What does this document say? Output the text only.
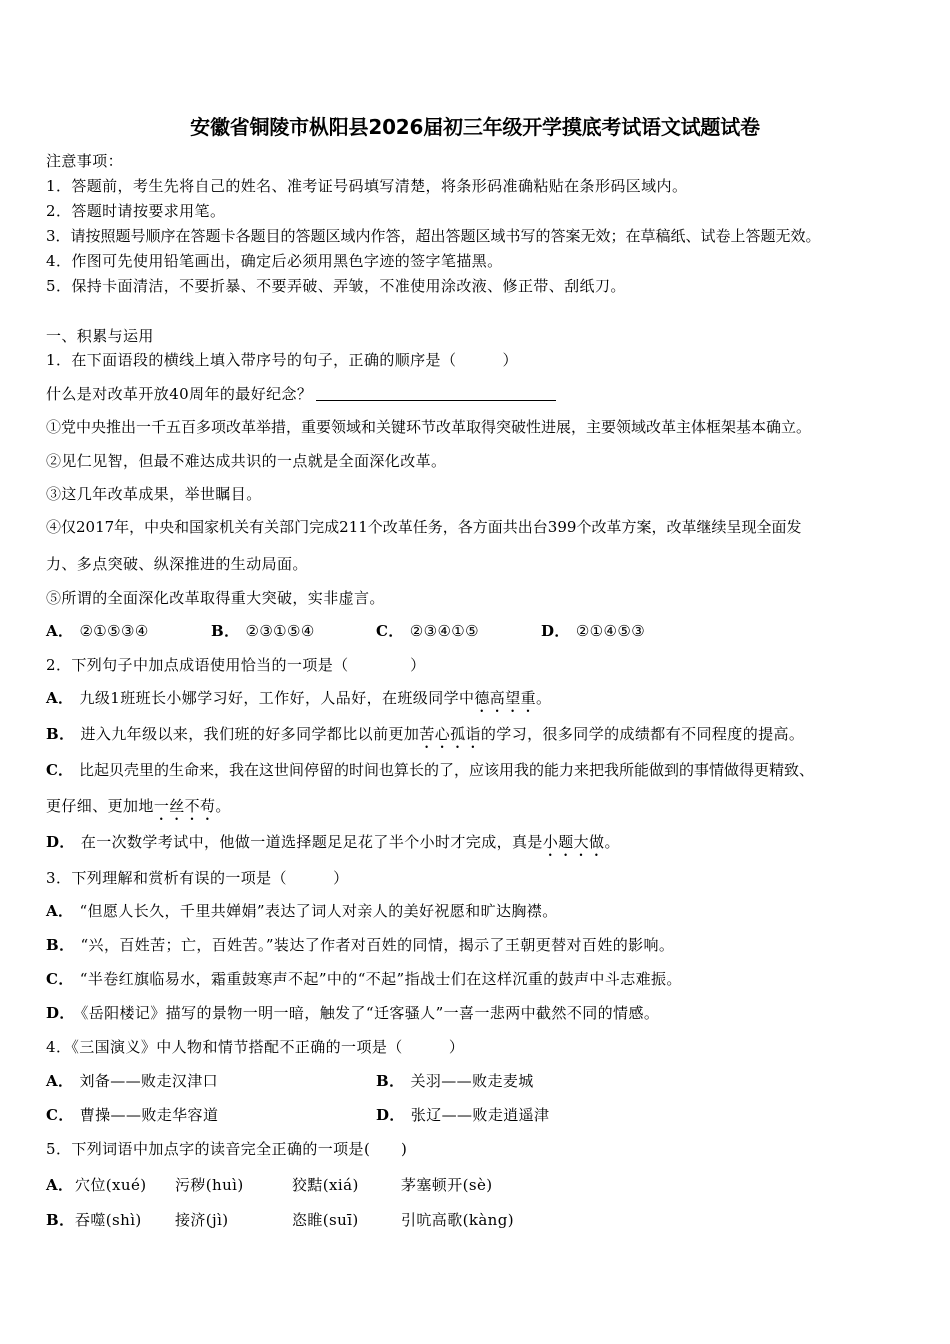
安徽省铜陵市枞阳县2026届初三年级开学摸底考试语文试题试卷
注意事项：
1．答题前，考生先将自己的姓名、准考证号码填写清楚，将条形码准确粘贴在条形码区域内。
2．答题时请按要求用笔。
3．请按照题号顺序在答题卡各题目的答题区域内作答，超出答题区域书写的答案无效；在草稿纸、试卷上答题无效。
4．作图可先使用铅笔画出，确定后必须用黑色字迹的签字笔描黑。
5．保持卡面清洁，不要折暴、不要弄破、弄皱，不准使用涂改液、修正带、刮纸刀。
一、积累与运用
1．在下面语段的横线上填入带序号的句子，正确的顺序是（　　　）
什么是对改革开放40周年的最好纪念？
①党中央推出一千五百多项改革举措，重要领域和关键环节改革取得突破性进展，主要领域改革主体框架基本确立。
②见仁见智，但最不难达成共识的一点就是全面深化改革。
③这几年改革成果，举世瞩目。
④仅2017年，中央和国家机关有关部门完成211个改革任务，各方面共出台399个改革方案，改革继续呈现全面发
力、多点突破、纵深推进的生动局面。
⑤所谓的全面深化改革取得重大突破，实非虚言。
A． ②①⑤③④	B． ②③①⑤④	C． ②③④①⑤	D． ②①④⑤③
2．下列句子中加点成语使用恰当的一项是（　　　　）
A． 九级1班班长小娜学习好，工作好，人品好，在班级同学中德高望重。
B． 进入九年级以来，我们班的好多同学都比以前更加苦心孤诣的学习，很多同学的成绩都有不同程度的提高。
C． 比起贝壳里的生命来，我在这世间停留的时间也算长的了，应该用我的能力来把我所能做到的事情做得更精致、
更仔细、更加地一丝不苟。
D． 在一次数学考试中，他做一道选择题足足花了半个小时才完成，真是小题大做。
3．下列理解和赏析有误的一项是（　　　）
A． “但愿人长久，千里共婵娟”表达了词人对亲人的美好祝愿和旷达胸襟。
B． “兴，百姓苦；亡，百姓苦。”装达了作者对百姓的同情，揭示了王朝更替对百姓的影响。
C． “半卷红旗临易水，霜重鼓寒声不起”中的“不起”指战士们在这样沉重的鼓声中斗志难振。
D． 《岳阳楼记》描写的景物一明一暗，触发了“迁客骚人”一喜一悲两中截然不同的情感。
4．《三国演义》中人物和情节搭配不正确的一项是（　　　）
A． 刘备——败走汉津口	B． 关羽——败走麦城
C． 曹操——败走华容道	D． 张辽——败走逍遥津
5．下列词语中加点字的读音完全正确的一项是(　　)
A． 穴位(xué) 污秽(huì)	狡黠(xiá)	茅塞顿开(sè)
B． 吞噬(shì) 接济(jì)	恣睢(suī)	引吭高歌(kàng)
